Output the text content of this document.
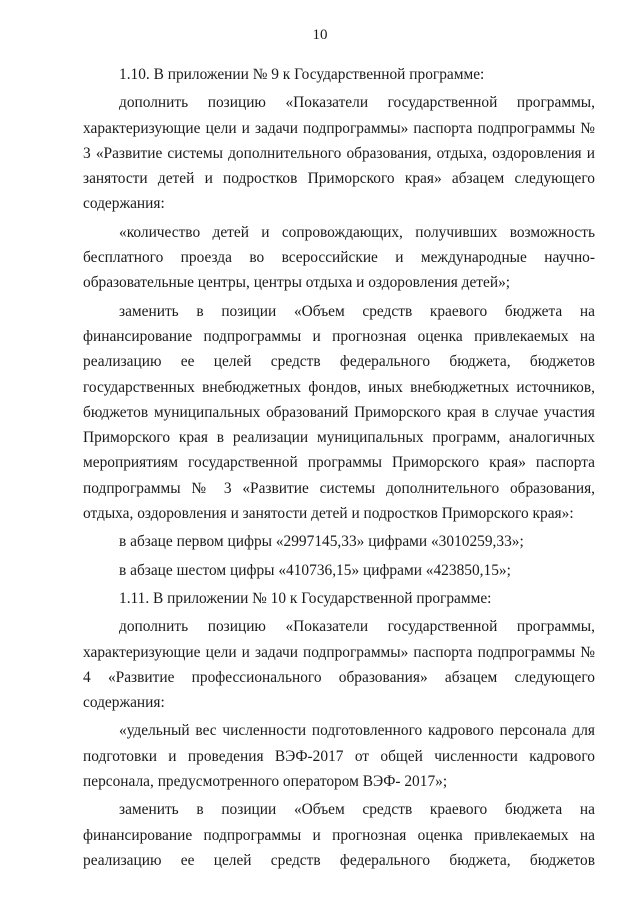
10

1.10. В приложении № 9 к Государственной программе:

дополнить позицию «Показатели государственной программы, характеризующие цели и задачи подпрограммы» паспорта подпрограммы № 3 «Развитие системы дополнительного образования, отдыха, оздоровления и занятости детей и подростков Приморского края» абзацем следующего содержания:

«количество детей и сопровождающих, получивших возможность бесплатного проезда во всероссийские и международные научно-образовательные центры, центры отдыха и оздоровления детей»;

заменить в позиции «Объем средств краевого бюджета на финансирование подпрограммы и прогнозная оценка привлекаемых на реализацию ее целей средств федерального бюджета, бюджетов государственных внебюджетных фондов, иных внебюджетных источников, бюджетов муниципальных образований Приморского края в случае участия Приморского края в реализации муниципальных программ, аналогичных мероприятиям государственной программы Приморского края» паспорта подпрограммы № 3 «Развитие системы дополнительного образования, отдыха, оздоровления и занятости детей и подростков Приморского края»:

в абзаце первом цифры «2997145,33» цифрами «3010259,33»;

в абзаце шестом цифры «410736,15» цифрами «423850,15»;

1.11. В приложении № 10 к Государственной программе:

дополнить позицию «Показатели государственной программы, характеризующие цели и задачи подпрограммы» паспорта подпрограммы № 4 «Развитие профессионального образования» абзацем следующего содержания:

«удельный вес численности подготовленного кадрового персонала для подготовки и проведения ВЭФ-2017 от общей численности кадрового персонала, предусмотренного оператором ВЭФ- 2017»;

заменить в позиции «Объем средств краевого бюджета на финансирование подпрограммы и прогнозная оценка привлекаемых на реализацию ее целей средств федерального бюджета, бюджетов
